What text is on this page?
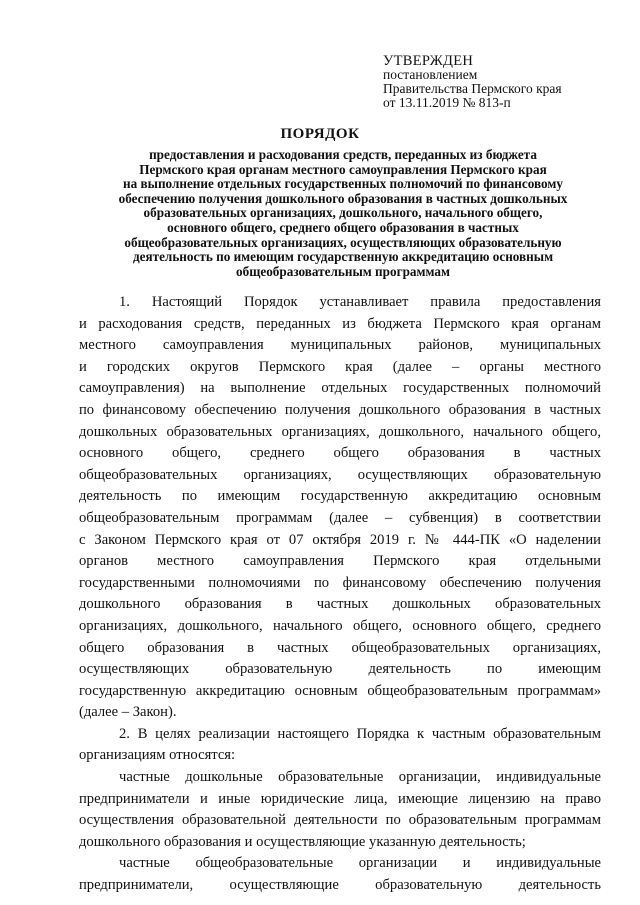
УТВЕРЖДЕН
постановлением
Правительства Пермского края
от 13.11.2019 № 813-п
ПОРЯДОК
предоставления и расходования средств, переданных из бюджета
Пермского края органам местного самоуправления Пермского края
на выполнение отдельных государственных полномочий по финансовому
обеспечению получения дошкольного образования в частных дошкольных
образовательных организациях, дошкольного, начального общего,
основного общего, среднего общего образования в частных
общеобразовательных организациях, осуществляющих образовательную
деятельность по имеющим государственную аккредитацию основным
общеобразовательным программам
1. Настоящий Порядок устанавливает правила предоставления
и расходования средств, переданных из бюджета Пермского края органам
местного самоуправления муниципальных районов, муниципальных
и городских округов Пермского края (далее – органы местного
самоуправления) на выполнение отдельных государственных полномочий
по финансовому обеспечению получения дошкольного образования в частных
дошкольных образовательных организациях, дошкольного, начального общего,
основного общего, среднего общего образования в частных
общеобразовательных организациях, осуществляющих образовательную
деятельность по имеющим государственную аккредитацию основным
общеобразовательным программам (далее – субвенция) в соответствии
с Законом Пермского края от 07 октября 2019 г. № 444-ПК «О наделении
органов местного самоуправления Пермского края отдельными
государственными полномочиями по финансовому обеспечению получения
дошкольного образования в частных дошкольных образовательных
организациях, дошкольного, начального общего, основного общего, среднего
общего образования в частных общеобразовательных организациях,
осуществляющих образовательную деятельность по имеющим
государственную аккредитацию основным общеобразовательным программам»
(далее – Закон).
2. В целях реализации настоящего Порядка к частным образовательным
организациям относятся:
частные дошкольные образовательные организации, индивидуальные
предприниматели и иные юридические лица, имеющие лицензию на право
осуществления образовательной деятельности по образовательным программам
дошкольного образования и осуществляющие указанную деятельность;
частные общеобразовательные организации и индивидуальные
предприниматели, осуществляющие образовательную деятельность
